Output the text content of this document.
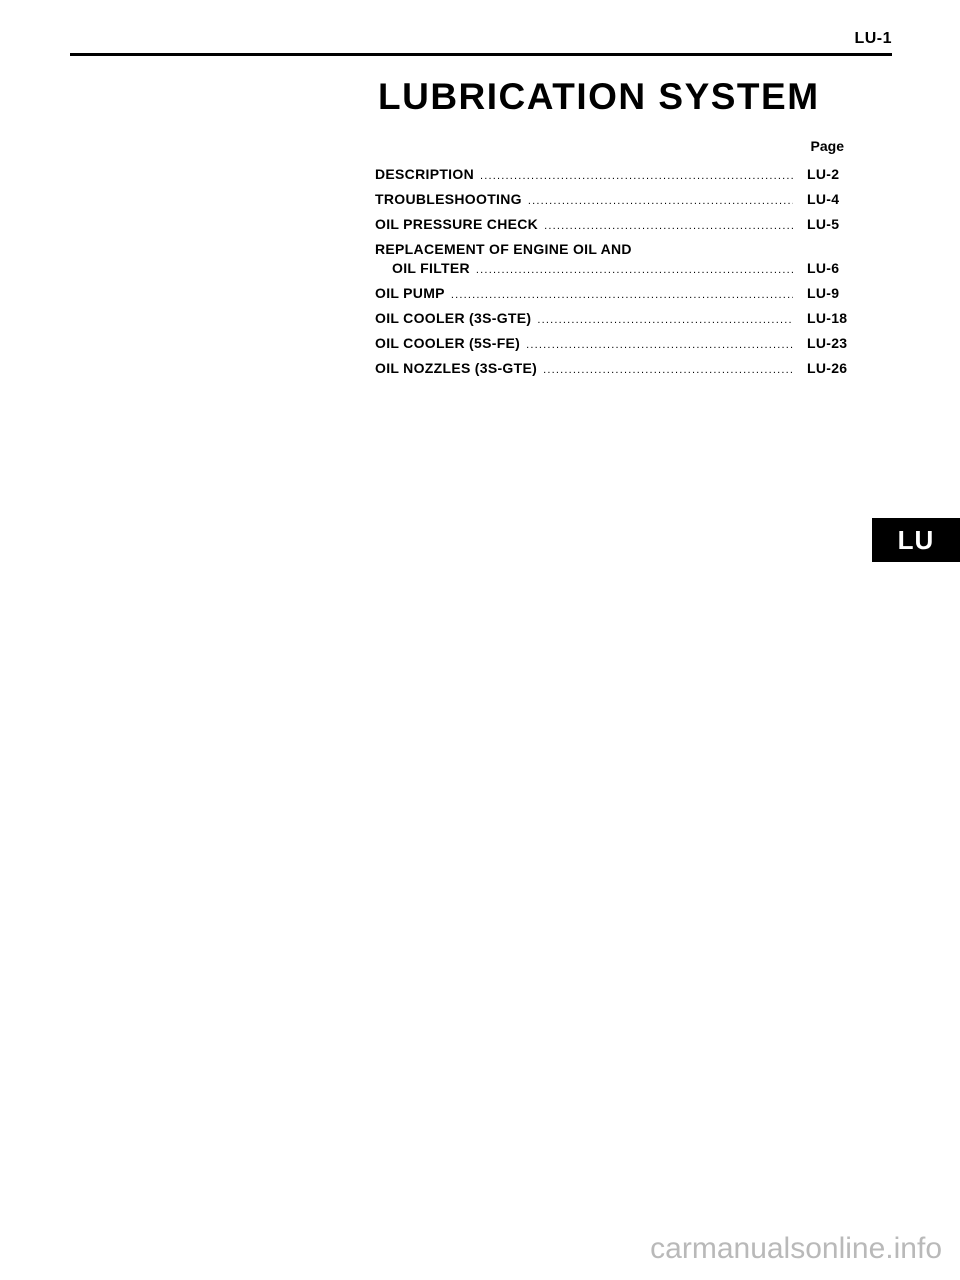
LU-1
LUBRICATION SYSTEM
Page
DESCRIPTION .....	LU-2
TROUBLESHOOTING .....	LU-4
OIL PRESSURE CHECK .....	LU-5
REPLACEMENT OF ENGINE OIL AND
OIL FILTER .....	LU-6
OIL PUMP .....	LU-9
OIL COOLER (3S-GTE) .....	LU-18
OIL COOLER (5S-FE) .....	LU-23
OIL NOZZLES (3S-GTE) .....	LU-26
LU
carmanualsonline.info
